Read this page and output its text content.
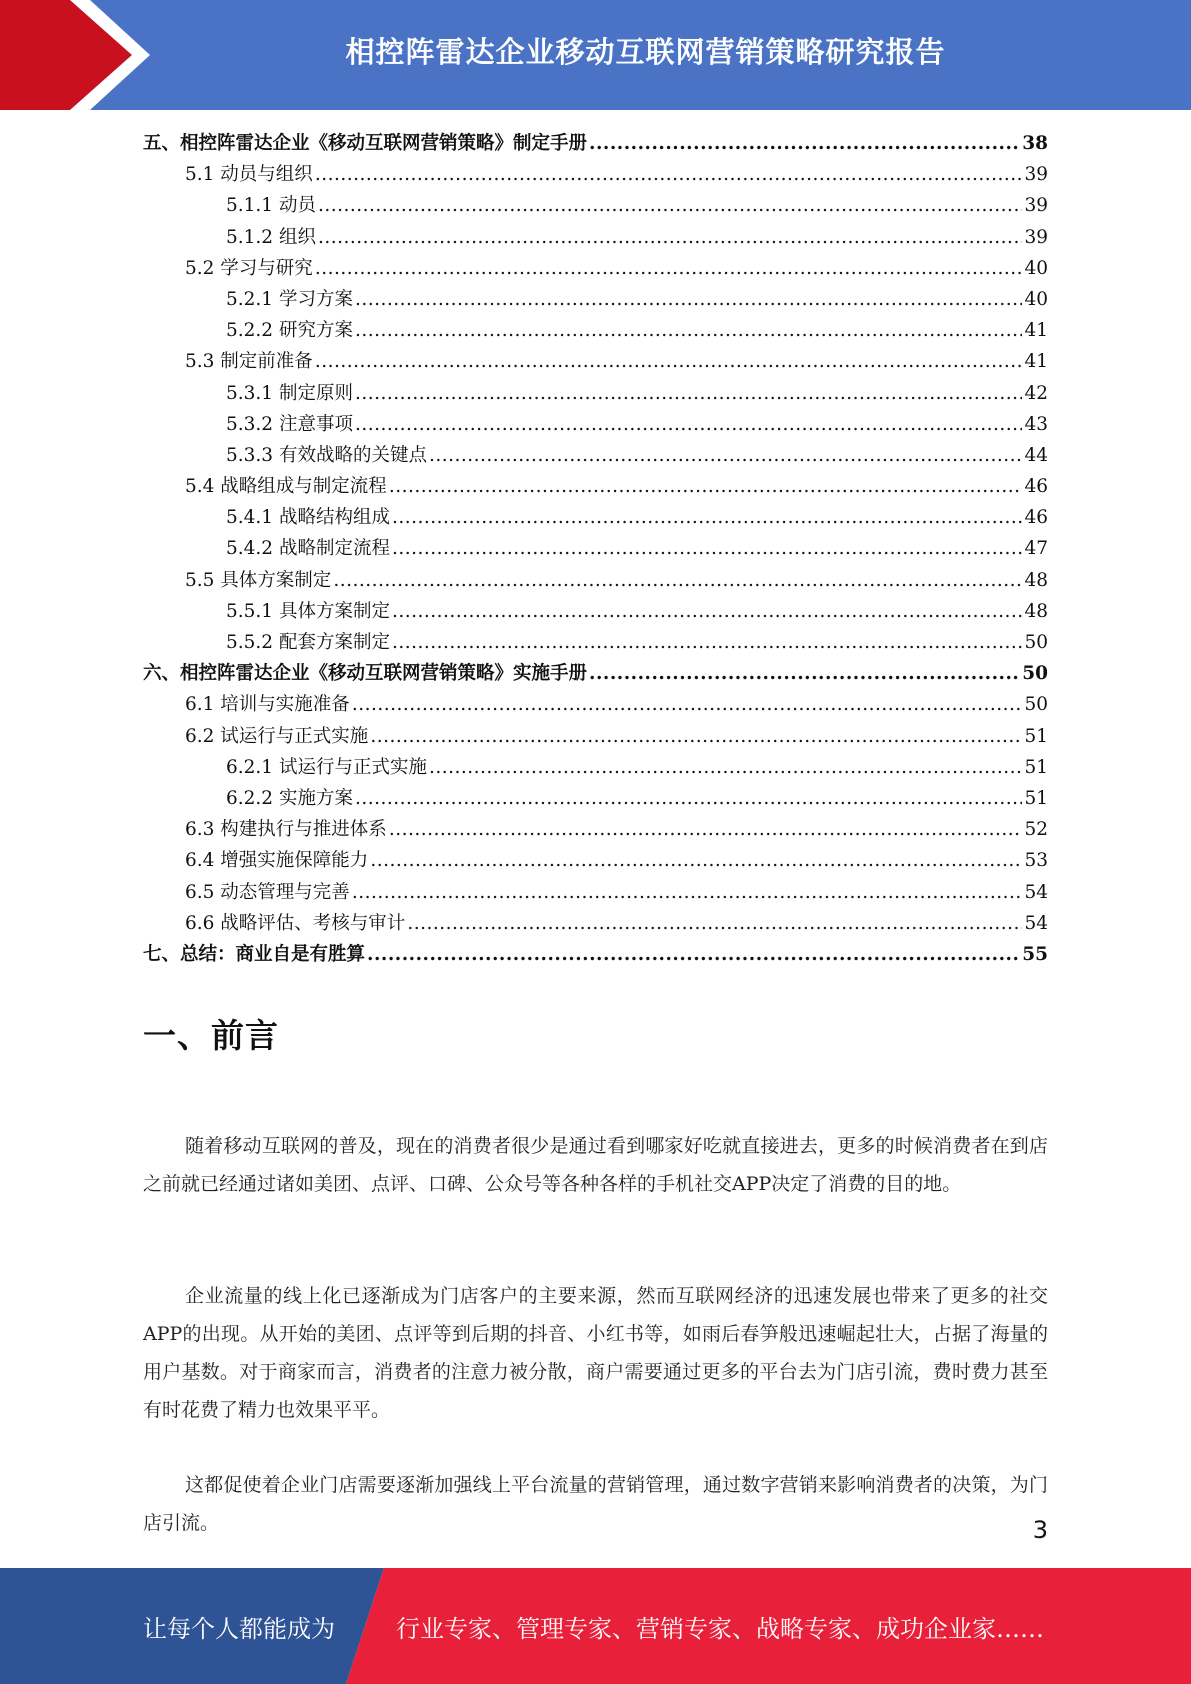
相控阵雷达企业移动互联网营销策略研究报告
五、相控阵雷达企业《移动互联网营销策略》制定手册 .....	38
5.1 动员与组织 .....	39
5.1.1 动员 .....	39
5.1.2 组织 .....	39
5.2 学习与研究 .....	40
5.2.1 学习方案 .....	40
5.2.2 研究方案 .....	41
5.3 制定前准备 .....	41
5.3.1 制定原则 .....	42
5.3.2 注意事项 .....	43
5.3.3 有效战略的关键点 .....	44
5.4 战略组成与制定流程 .....	46
5.4.1 战略结构组成 .....	46
5.4.2 战略制定流程 .....	47
5.5 具体方案制定 .....	48
5.5.1 具体方案制定 .....	48
5.5.2 配套方案制定 .....	50
六、相控阵雷达企业《移动互联网营销策略》实施手册 .....	50
6.1 培训与实施准备 .....	50
6.2 试运行与正式实施 .....	51
6.2.1 试运行与正式实施 .....	51
6.2.2 实施方案 .....	51
6.3 构建执行与推进体系 .....	52
6.4 增强实施保障能力 .....	53
6.5 动态管理与完善 .....	54
6.6 战略评估、考核与审计 .....	54
七、总结：商业自是有胜算 .....	55
一、前言

随着移动互联网的普及，现在的消费者很少是通过看到哪家好吃就直接进去，更多的时候消费者在到店之前就已经通过诸如美团、点评、口碑、公众号等各种各样的手机社交APP决定了消费的目的地。

企业流量的线上化已逐渐成为门店客户的主要来源，然而互联网经济的迅速发展也带来了更多的社交APP的出现。从开始的美团、点评等到后期的抖音、小红书等，如雨后春笋般迅速崛起壮大，占据了海量的用户基数。对于商家而言，消费者的注意力被分散，商户需要通过更多的平台去为门店引流，费时费力甚至有时花费了精力也效果平平。

这都促使着企业门店需要逐渐加强线上平台流量的营销管理，通过数字营销来影响消费者的决策，为门店引流。	3
让每个人都能成为	行业专家、管理专家、营销专家、战略专家、成功企业家……
